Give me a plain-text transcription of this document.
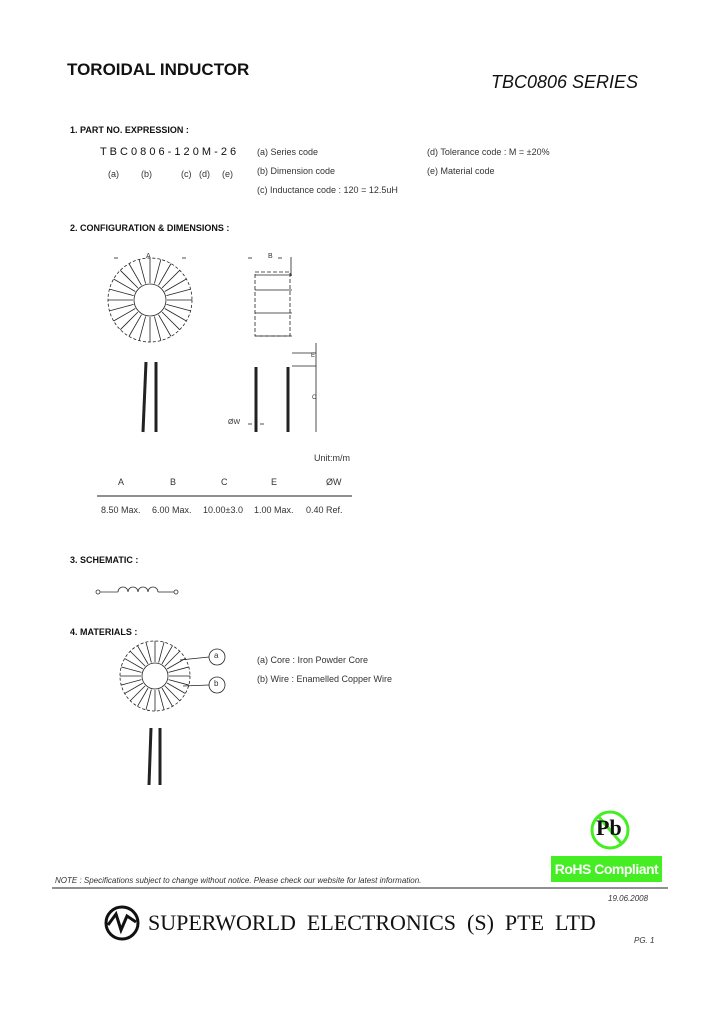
TOROIDAL INDUCTOR
TBC0806 SERIES
1. PART NO. EXPRESSION :
T B C 0 8 0 6 - 1 2 0 M - 2 6
(a) (b)	(c) (d) (e)
(a) Series code
(b) Dimension code
(c) Inductance code : 120 = 12.5uH
(d) Tolerance code : M = ±20%
(e) Material code
2. CONFIGURATION & DIMENSIONS :
A	B
E
C
ØW
Unit:m/m
A	B	C	E	ØW
8.50 Max. 6.00 Max. 10.00±3.0 1.00 Max. 0.40 Ref.
3. SCHEMATIC :
4. MATERIALS :
a
b
(a) Core : Iron Powder Core
(b) Wire : Enamelled Copper Wire
Pb
RoHS Compliant
NOTE : Specifications subject to change without notice. Please check our website for latest information.
19.06.2008
SUPERWORLD  ELECTRONICS  (S)  PTE  LTD
PG. 1
